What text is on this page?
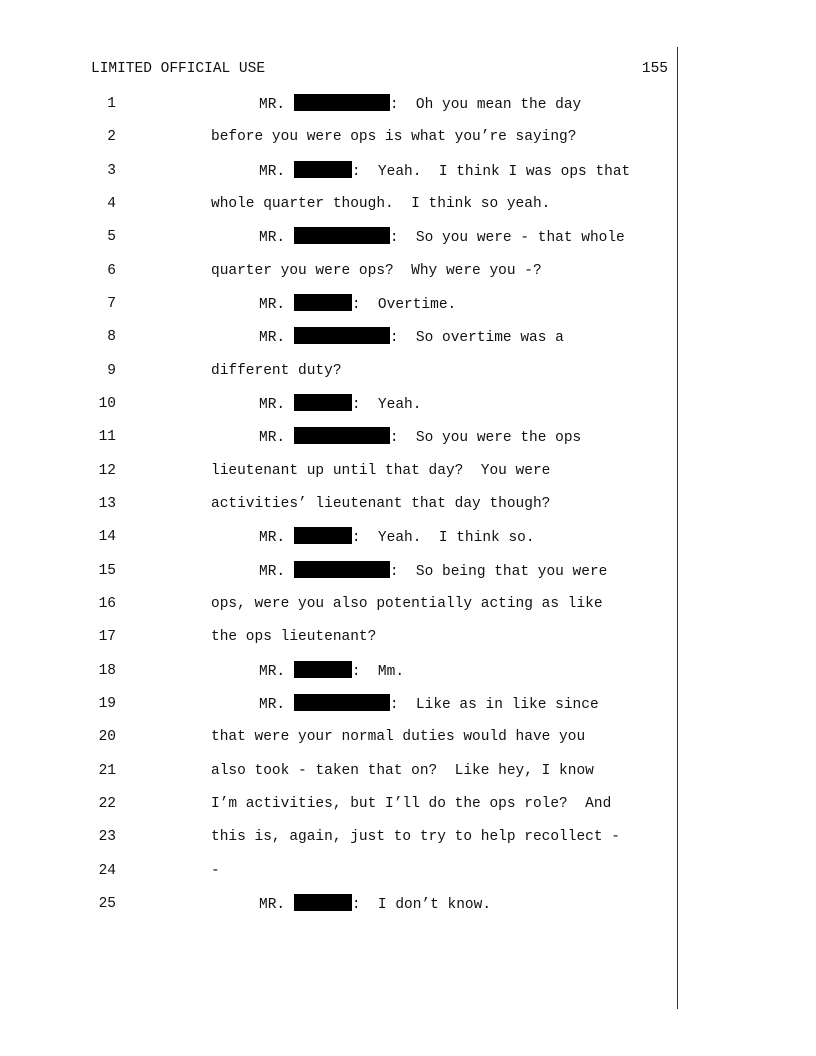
LIMITED OFFICIAL USE	155
1	MR.	:  Oh you mean the day
2	before you were ops is what you’re saying?
3	MR.	:  Yeah.  I think I was ops that
4	whole quarter though.  I think so yeah.
5	MR.	:  So you were - that whole
6	quarter you were ops?  Why were you -?
7	MR.	:  Overtime.
8	MR.	:  So overtime was a
9	different duty?
10	MR.	:  Yeah.
11	MR.	:  So you were the ops
12	lieutenant up until that day?  You were
13	activities’ lieutenant that day though?
14	MR.	:  Yeah.  I think so.
15	MR.	:  So being that you were
16	ops, were you also potentially acting as like
17	the ops lieutenant?
18	MR.	:  Mm.
19	MR.	:  Like as in like since
20	that were your normal duties would have you
21	also took - taken that on?  Like hey, I know
22	I’m activities, but I’ll do the ops role?  And
23	this is, again, just to try to help recollect -
24	-
25	MR.	:  I don’t know.
